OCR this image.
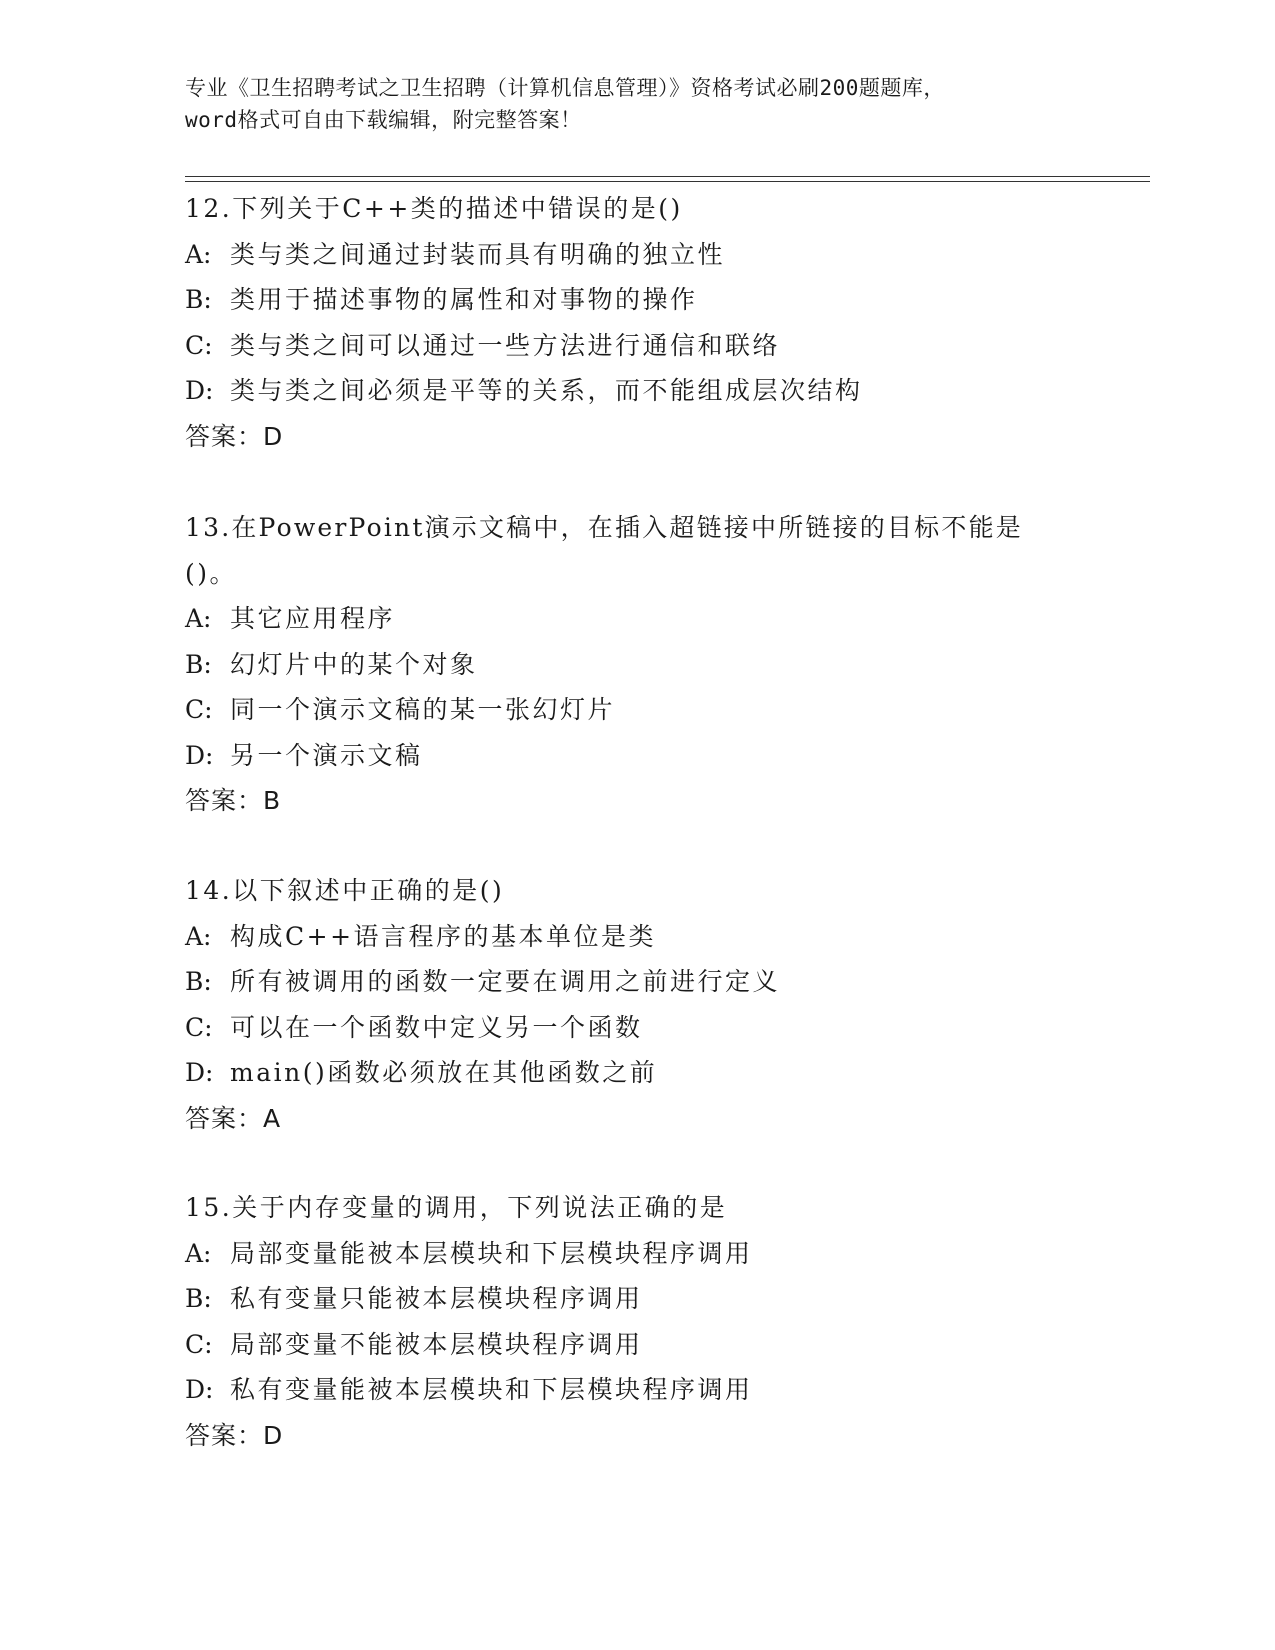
专业《卫生招聘考试之卫生招聘（计算机信息管理）》资格考试必刷200题题库，
word格式可自由下载编辑，附完整答案！
12.下列关于C++类的描述中错误的是()
A: 类与类之间通过封装而具有明确的独立性
B: 类用于描述事物的属性和对事物的操作
C: 类与类之间可以通过一些方法进行通信和联络
D: 类与类之间必须是平等的关系，而不能组成层次结构
答案：D
13.在PowerPoint演示文稿中，在插入超链接中所链接的目标不能是
()。
A: 其它应用程序
B: 幻灯片中的某个对象
C: 同一个演示文稿的某一张幻灯片
D: 另一个演示文稿
答案：B
14.以下叙述中正确的是()
A: 构成C++语言程序的基本单位是类
B: 所有被调用的函数一定要在调用之前进行定义
C: 可以在一个函数中定义另一个函数
D: main()函数必须放在其他函数之前
答案：A
15.关于内存变量的调用，下列说法正确的是
A: 局部变量能被本层模块和下层模块程序调用
B: 私有变量只能被本层模块程序调用
C: 局部变量不能被本层模块程序调用
D: 私有变量能被本层模块和下层模块程序调用
答案：D
